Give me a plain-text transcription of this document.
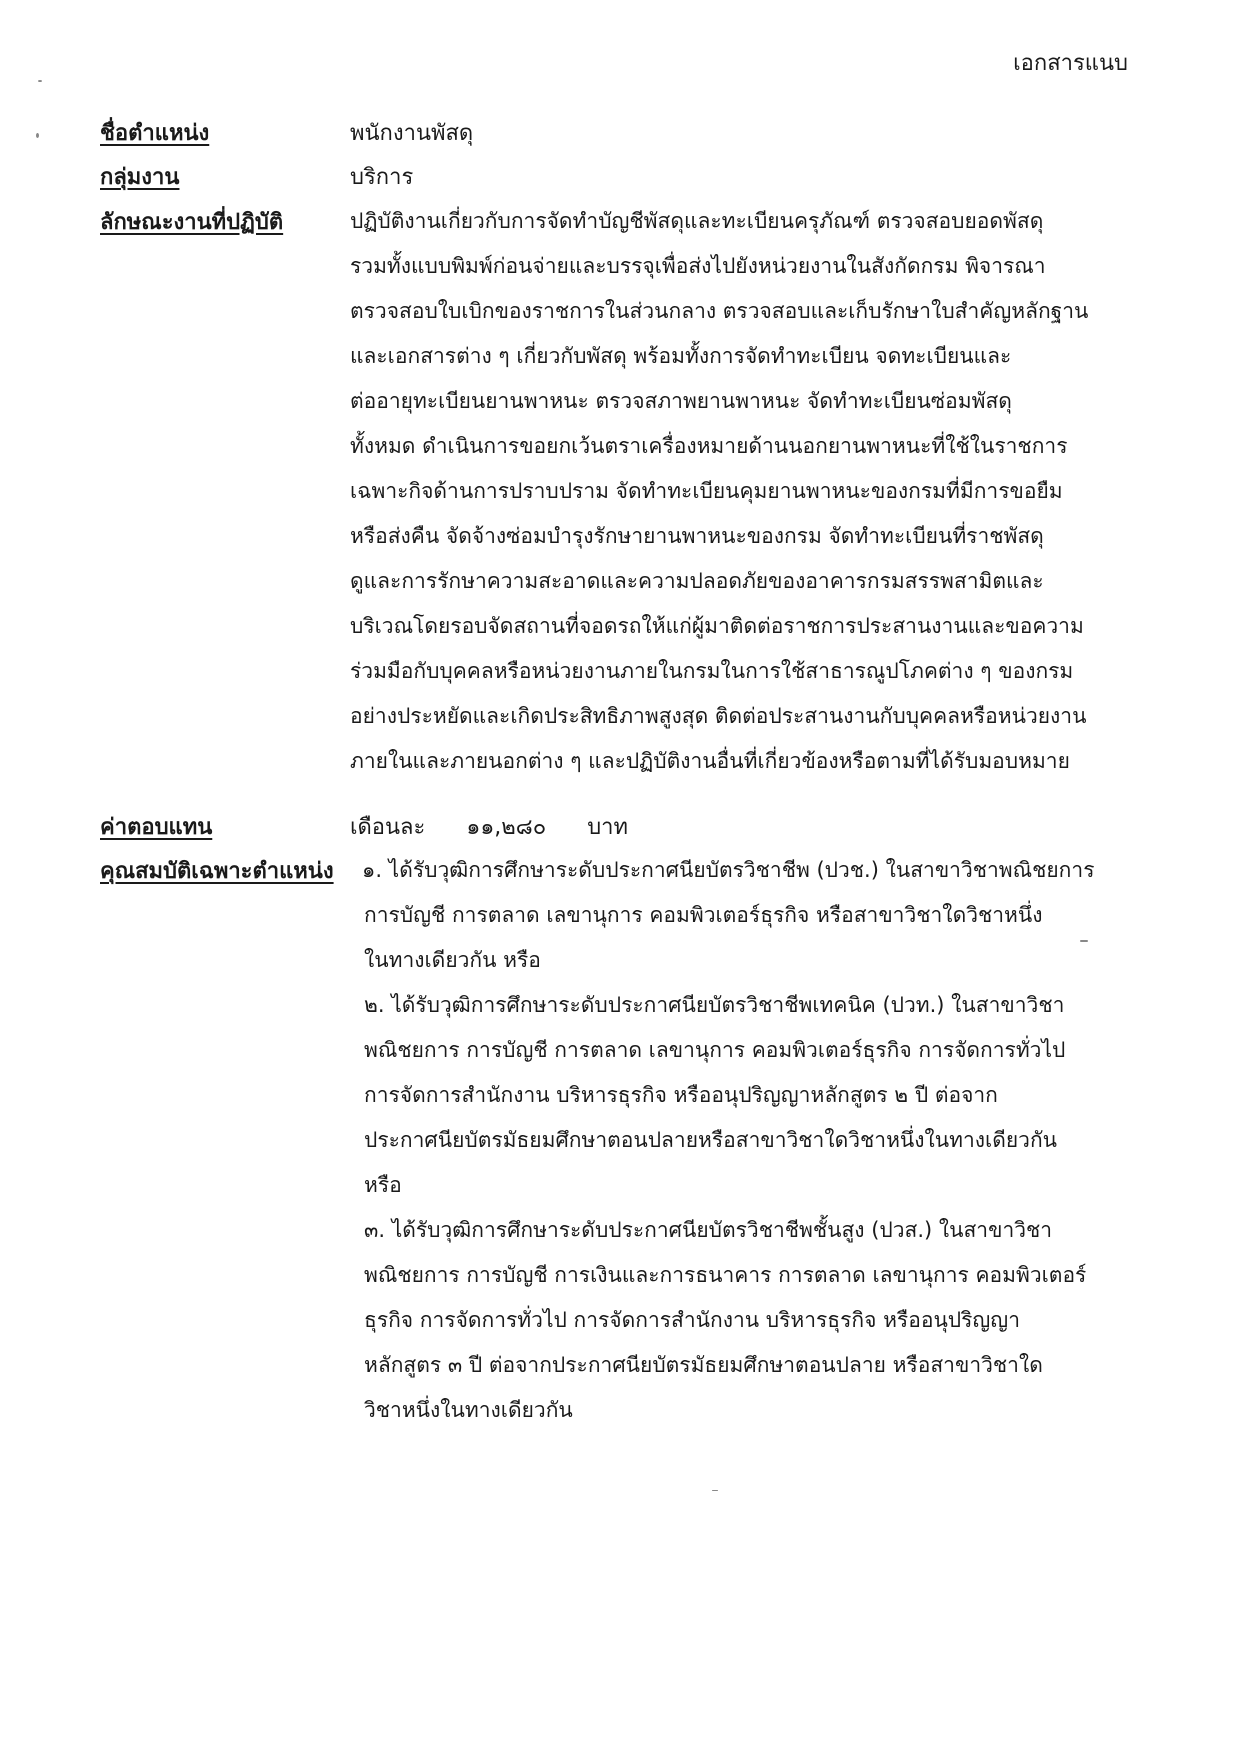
เอกสารแนบ
ชื่อตำแหน่ง	พนักงานพัสดุ
กลุ่มงาน	บริการ
ลักษณะงานที่ปฏิบัติ	ปฏิบัติงานเกี่ยวกับการจัดทำบัญชีพัสดุและทะเบียนครุภัณฑ์ ตรวจสอบยอดพัสดุ
รวมทั้งแบบพิมพ์ก่อนจ่ายและบรรจุเพื่อส่งไปยังหน่วยงานในสังกัดกรม พิจารณา
ตรวจสอบใบเบิกของราชการในส่วนกลาง ตรวจสอบและเก็บรักษาใบสำคัญหลักฐาน
และเอกสารต่าง ๆ เกี่ยวกับพัสดุ พร้อมทั้งการจัดทำทะเบียน จดทะเบียนและ
ต่ออายุทะเบียนยานพาหนะ ตรวจสภาพยานพาหนะ จัดทำทะเบียนซ่อมพัสดุ
ทั้งหมด ดำเนินการขอยกเว้นตราเครื่องหมายด้านนอกยานพาหนะที่ใช้ในราชการ
เฉพาะกิจด้านการปราบปราม จัดทำทะเบียนคุมยานพาหนะของกรมที่มีการขอยืม
หรือส่งคืน จัดจ้างซ่อมบำรุงรักษายานพาหนะของกรม จัดทำทะเบียนที่ราชพัสดุ
ดูและการรักษาความสะอาดและความปลอดภัยของอาคารกรมสรรพสามิตและ
บริเวณโดยรอบจัดสถานที่จอดรถให้แก่ผู้มาติดต่อราชการประสานงานและขอความ
ร่วมมือกับบุคคลหรือหน่วยงานภายในกรมในการใช้สาธารณูปโภคต่าง ๆ ของกรม
อย่างประหยัดและเกิดประสิทธิภาพสูงสุด ติดต่อประสานงานกับบุคคลหรือหน่วยงาน
ภายในและภายนอกต่าง ๆ และปฏิบัติงานอื่นที่เกี่ยวข้องหรือตามที่ได้รับมอบหมาย
ค่าตอบแทน	เดือนละ ๑๑,๒๘๐ บาท
คุณสมบัติเฉพาะตำแหน่ง ๑. ได้รับวุฒิการศึกษาระดับประกาศนียบัตรวิชาชีพ (ปวช.) ในสาขาวิชาพณิชยการ
การบัญชี การตลาด เลขานุการ คอมพิวเตอร์ธุรกิจ หรือสาขาวิชาใดวิชาหนึ่ง
ในทางเดียวกัน หรือ
๒. ได้รับวุฒิการศึกษาระดับประกาศนียบัตรวิชาชีพเทคนิค (ปวท.) ในสาขาวิชา
พณิชยการ การบัญชี การตลาด เลขานุการ คอมพิวเตอร์ธุรกิจ การจัดการทั่วไป
การจัดการสำนักงาน บริหารธุรกิจ หรืออนุปริญญาหลักสูตร ๒ ปี ต่อจาก
ประกาศนียบัตรมัธยมศึกษาตอนปลายหรือสาขาวิชาใดวิชาหนึ่งในทางเดียวกัน
หรือ
๓. ได้รับวุฒิการศึกษาระดับประกาศนียบัตรวิชาชีพชั้นสูง (ปวส.) ในสาขาวิชา
พณิชยการ การบัญชี การเงินและการธนาคาร การตลาด เลขานุการ คอมพิวเตอร์
ธุรกิจ การจัดการทั่วไป การจัดการสำนักงาน บริหารธุรกิจ หรืออนุปริญญา
หลักสูตร ๓ ปี ต่อจากประกาศนียบัตรมัธยมศึกษาตอนปลาย หรือสาขาวิชาใด
วิชาหนึ่งในทางเดียวกัน
